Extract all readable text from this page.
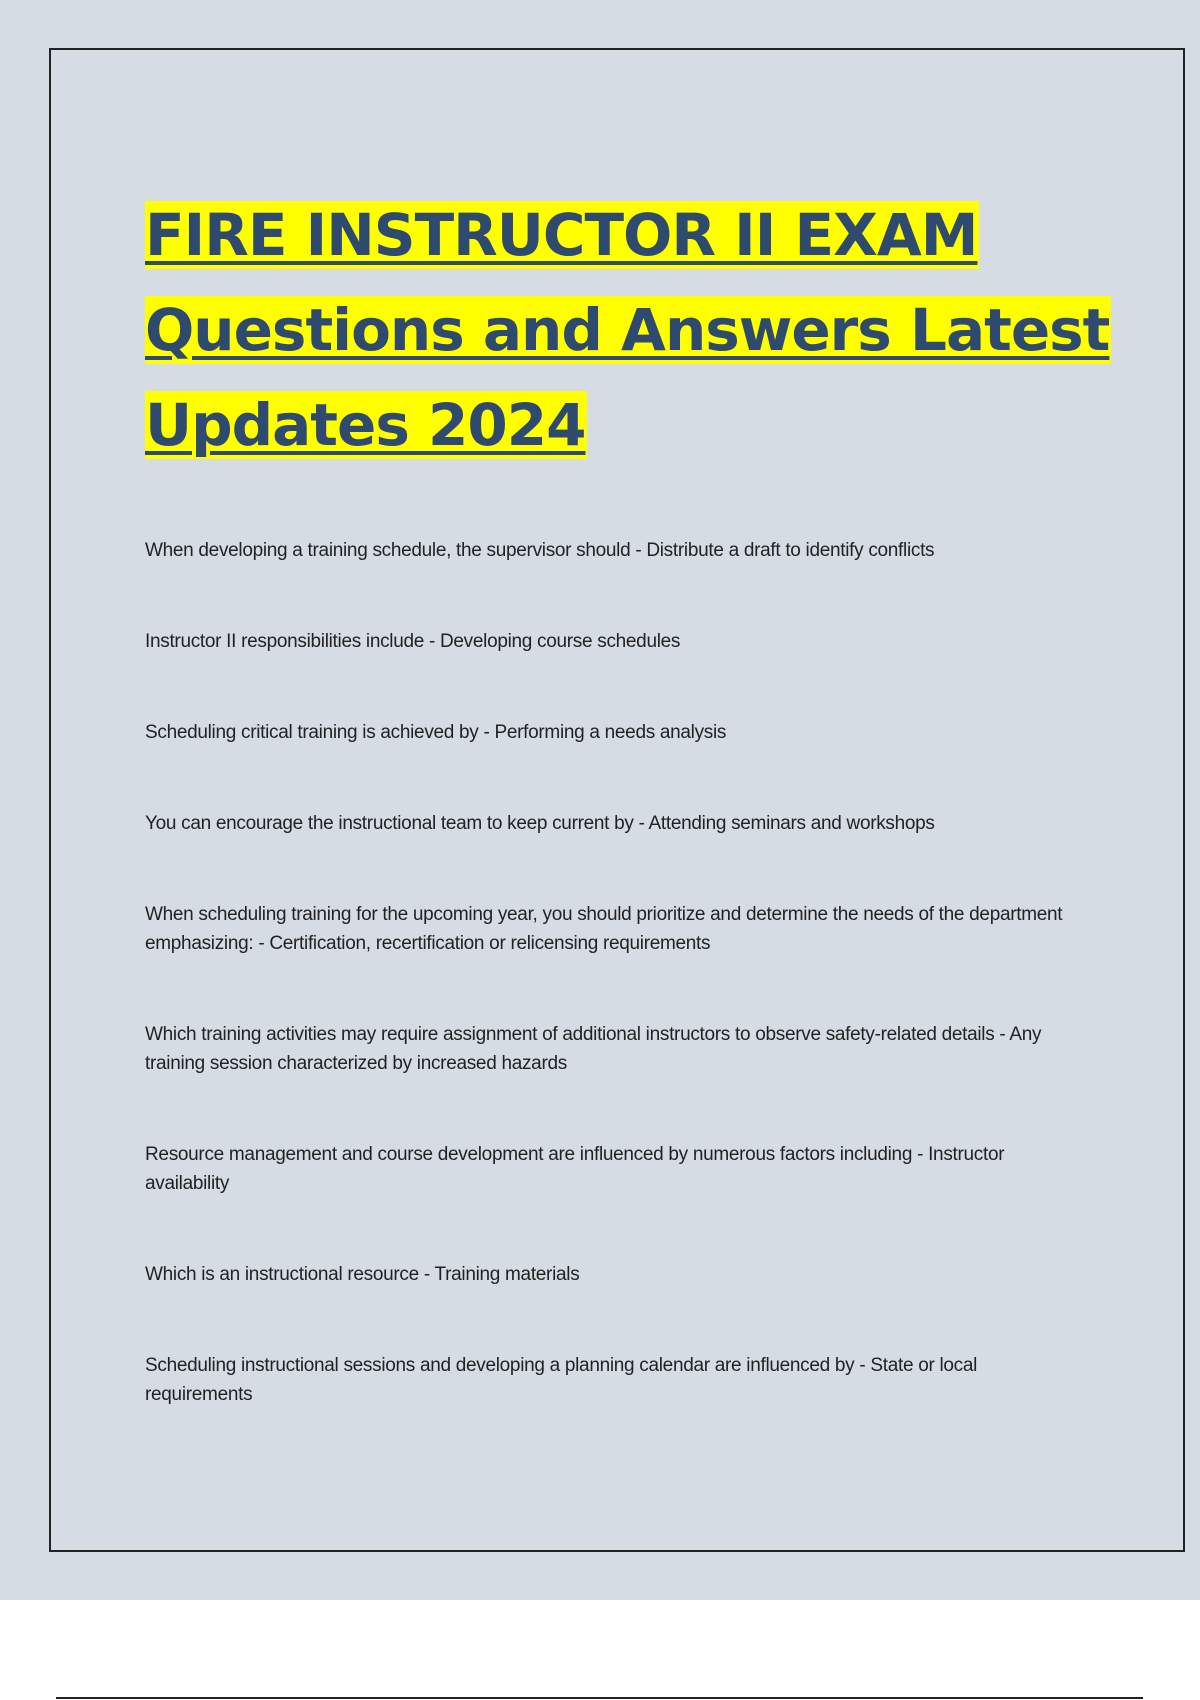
FIRE INSTRUCTOR II EXAM
Questions and Answers Latest
Updates 2024
When developing a training schedule, the supervisor should - Distribute a draft to identify conflicts
Instructor II responsibilities include - Developing course schedules
Scheduling critical training is achieved by - Performing a needs analysis
You can encourage the instructional team to keep current by - Attending seminars and workshops
When scheduling training for the upcoming year, you should prioritize and determine the needs of the department emphasizing: - Certification, recertification or relicensing requirements
Which training activities may require assignment of additional instructors to observe safety-related details - Any training session characterized by increased hazards
Resource management and course development are influenced by numerous factors including - Instructor availability
Which is an instructional resource - Training materials
Scheduling instructional sessions and developing a planning calendar are influenced by - State or local requirements
